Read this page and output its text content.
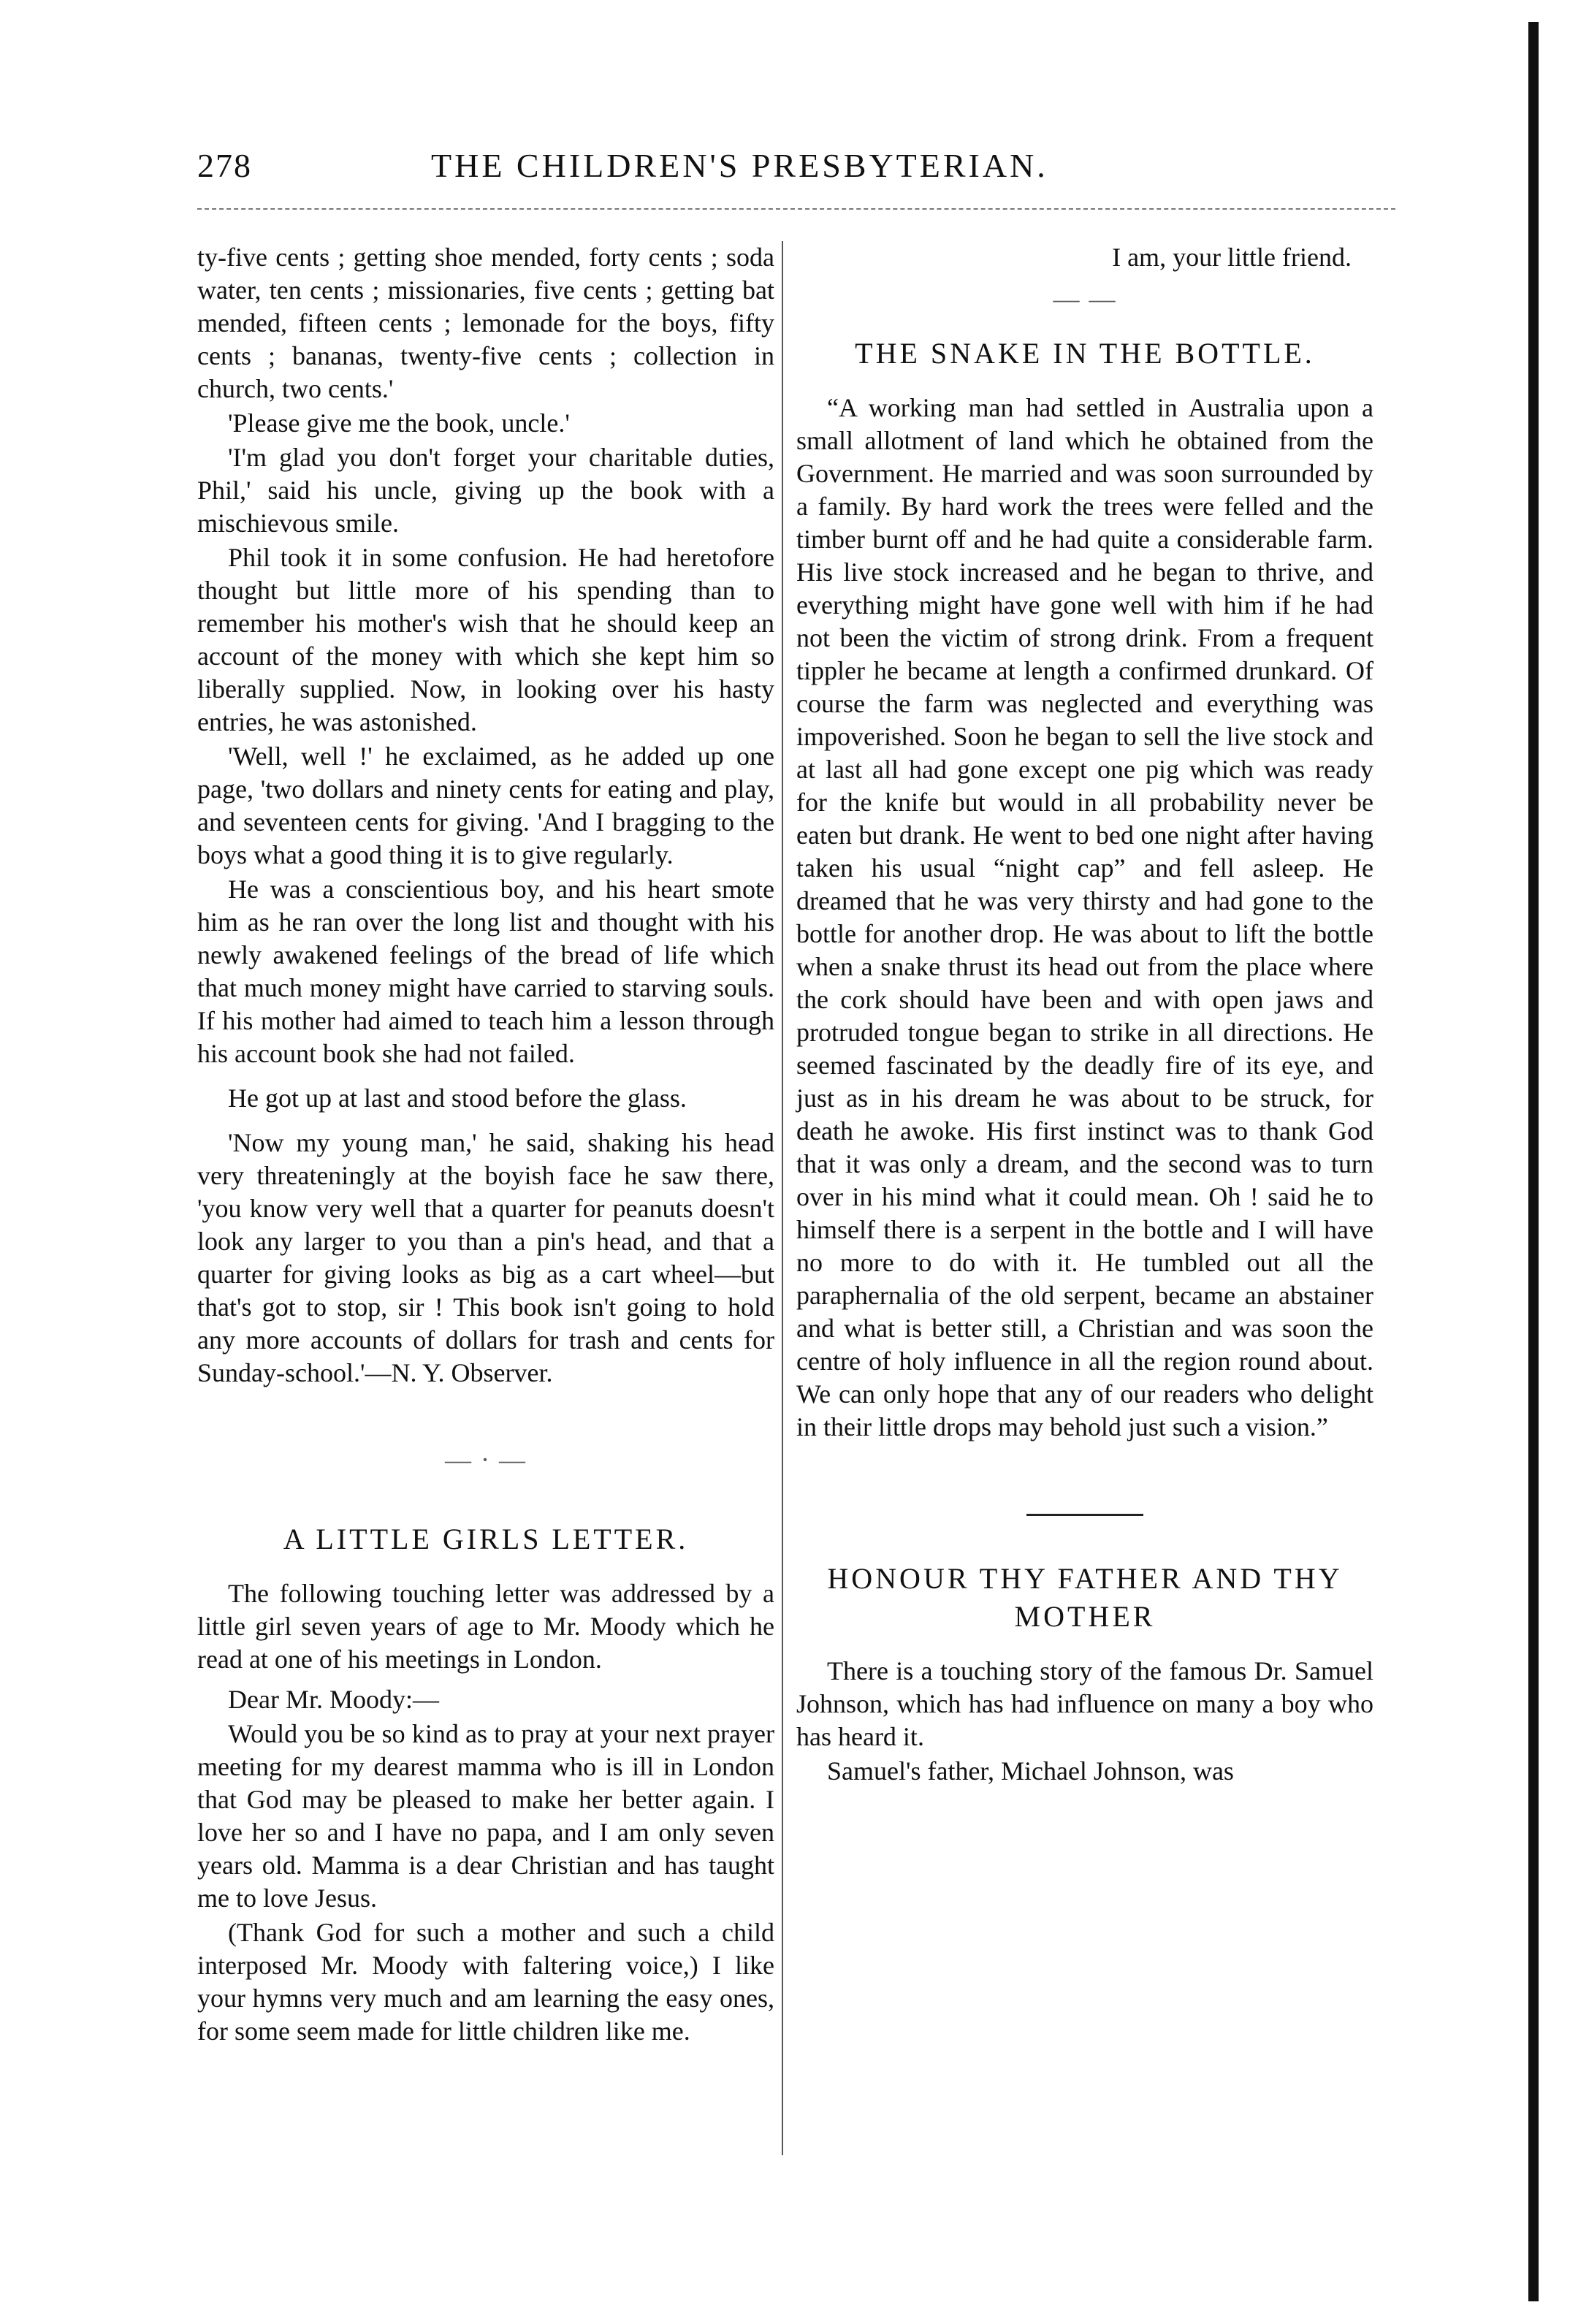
278	THE CHILDREN'S PRESBYTERIAN.

ty-five cents ; getting shoe mended, forty cents ; soda water, ten cents ; missionaries, five cents ; getting bat mended, fifteen cents ; lemonade for the boys, fifty cents ; bananas, twenty-five cents ; collection in church, two cents.'

'Please give me the book, uncle.'

'I'm glad you don't forget your charitable duties, Phil,' said his uncle, giving up the book with a mischievous smile.

Phil took it in some confusion. He had heretofore thought but little more of his spending than to remember his mother's wish that he should keep an account of the money with which she kept him so liberally supplied. Now, in looking over his hasty entries, he was astonished.

'Well, well !' he exclaimed, as he added up one page, 'two dollars and ninety cents for eating and play, and seventeen cents for giving. 'And I bragging to the boys what a good thing it is to give regularly.

He was a conscientious boy, and his heart smote him as he ran over the long list and thought with his newly awakened feelings of the bread of life which that much money might have carried to starving souls. If his mother had aimed to teach him a lesson through his account book she had not failed.

He got up at last and stood before the glass.

'Now my young man,' he said, shaking his head very threateningly at the boyish face he saw there, 'you know very well that a quarter for peanuts doesn't look any larger to you than a pin's head, and that a quarter for giving looks as big as a cart wheel—but that's got to stop, sir ! This book isn't going to hold any more accounts of dollars for trash and cents for Sunday-school.'—N. Y. Observer.

— · —
A LITTLE GIRLS LETTER.

The following touching letter was addressed by a little girl seven years of age to Mr. Moody which he read at one of his meetings in London.

Dear Mr. Moody:—

Would you be so kind as to pray at your next prayer meeting for my dearest mamma who is ill in London that God may be pleased to make her better again. I love her so and I have no papa, and I am only seven years old. Mamma is a dear Christian and has taught me to love Jesus.

(Thank God for such a mother and such a child interposed Mr. Moody with faltering voice,) I like your hymns very much and am learning the easy ones, for some seem made for little children like me.

I am, your little friend.

— —
THE SNAKE IN THE BOTTLE.

“A working man had settled in Australia upon a small allotment of land which he obtained from the Government. He married and was soon surrounded by a family. By hard work the trees were felled and the timber burnt off and he had quite a considerable farm. His live stock increased and he began to thrive, and everything might have gone well with him if he had not been the victim of strong drink. From a frequent tippler he became at length a confirmed drunkard. Of course the farm was neglected and everything was impoverished. Soon he began to sell the live stock and at last all had gone except one pig which was ready for the knife but would in all probability never be eaten but drank. He went to bed one night after having taken his usual “night cap” and fell asleep. He dreamed that he was very thirsty and had gone to the bottle for another drop. He was about to lift the bottle when a snake thrust its head out from the place where the cork should have been and with open jaws and protruded tongue began to strike in all directions. He seemed fascinated by the deadly fire of its eye, and just as in his dream he was about to be struck, for death he awoke. His first instinct was to thank God that it was only a dream, and the second was to turn over in his mind what it could mean. Oh ! said he to himself there is a serpent in the bottle and I will have no more to do with it. He tumbled out all the paraphernalia of the old serpent, became an abstainer and what is better still, a Christian and was soon the centre of holy influence in all the region round about. We can only hope that any of our readers who delight in their little drops may behold just such a vision.”

HONOUR THY FATHER AND THY MOTHER

There is a touching story of the famous Dr. Samuel Johnson, which has had influence on many a boy who has heard it.

Samuel's father, Michael Johnson, was
